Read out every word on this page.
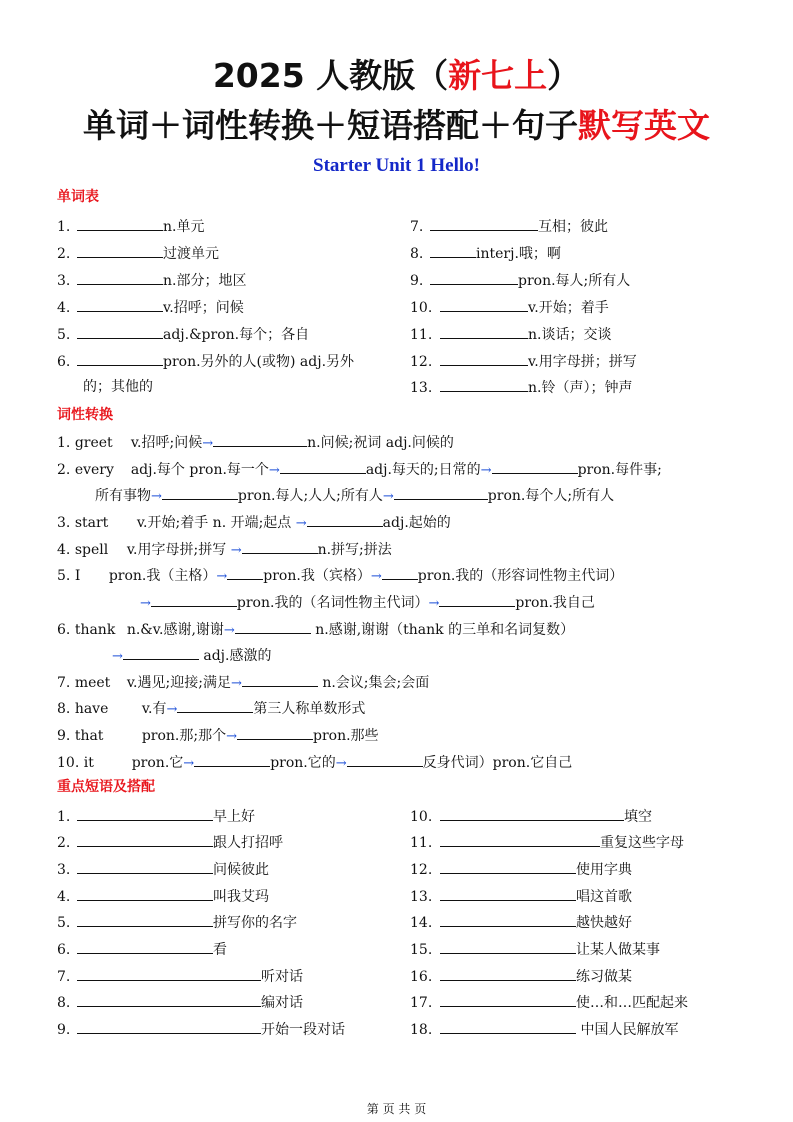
2025 人教版（新七上）
单词＋词性转换＋短语搭配＋句子默写英文
Starter Unit 1 Hello!
单词表
1.	n.单元
2.	过渡单元
3.	n.部分；地区
4.	v.招呼；问候
5.	adj.&pron.每个；各自
6.	pron.另外的人(或物) adj.另外
的；其他的
7.	互相；彼此
8.	interj.哦；啊
9.	pron.每人;所有人
10.	v.开始；着手
11.	n.谈话；交谈
12.	v.用字母拼；拼写
13.	n.铃（声）；钟声
词性转换
1. greet v.招呼;问候→	n.问候;祝词 adj.问候的
2. every adj.每个 pron.每一个→	adj.每天的;日常的→	pron.每件事;
所有事物→	pron.每人;人人;所有人→	pron.每个人;所有人
3. start v.开始;着手 n. 开端;起点 →	adj.起始的
4. spell v.用字母拼;拼写 →	n.拼写;拼法
5. I pron.我（主格）→	pron.我（宾格）→	pron.我的（形容词性物主代词）
→	pron.我的（名词性物主代词）→	pron.我自己
6. thank n.&v.感谢,谢谢→	n.感谢,谢谢（thank 的三单和名词复数）
→	adj.感激的
7. meet v.遇见;迎接;满足→	n.会议;集会;会面
8. have v.有→	第三人称单数形式
9. that	pron.那;那个→	pron.那些
10. it	pron.它→	pron.它的→	反身代词）pron.它自己
重点短语及搭配
1.	早上好
2.	跟人打招呼
3.	问候彼此
4.	叫我艾玛
5.	拼写你的名字
6.	看
7.	听对话
8.	编对话
9.	开始一段对话
10.	填空
11.	重复这些字母
12.	使用字典
13.	唱这首歌
14.	越快越好
15.	让某人做某事
16.	练习做某
17.	使…和…匹配起来
18.	中国人民解放军
第 页 共 页
